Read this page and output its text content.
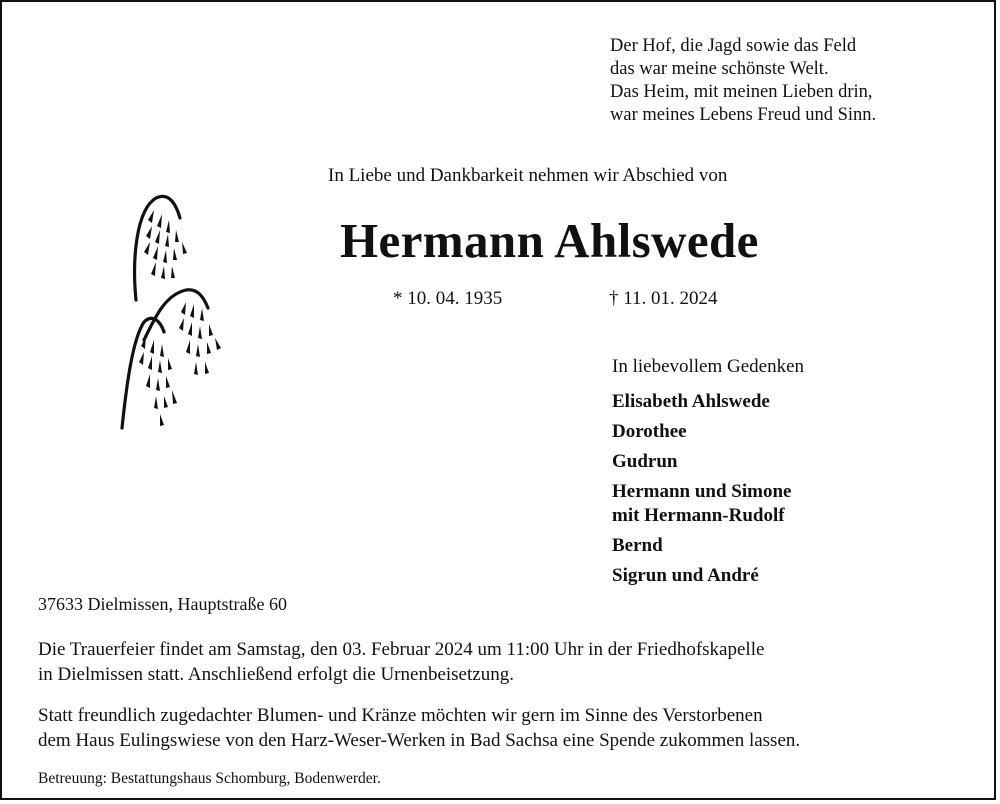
Der Hof, die Jagd sowie das Feld
das war meine schönste Welt.
Das Heim, mit meinen Lieben drin,
war meines Lebens Freud und Sinn.
In Liebe und Dankbarkeit nehmen wir Abschied von
Hermann Ahlswede
* 10. 04. 1935	† 11. 01. 2024
In liebevollem Gedenken
Elisabeth Ahlswede
Dorothee
Gudrun
Hermann und Simone
mit Hermann-Rudolf
Bernd
Sigrun und André
37633 Dielmissen, Hauptstraße 60
Die Trauerfeier findet am Samstag, den 03. Februar 2024 um 11:00 Uhr in der Friedhofskapelle
in Dielmissen statt. Anschließend erfolgt die Urnenbeisetzung.
Statt freundlich zugedachter Blumen- und Kränze möchten wir gern im Sinne des Verstorbenen
dem Haus Eulingswiese von den Harz-Weser-Werken in Bad Sachsa eine Spende zukommen lassen.
Betreuung: Bestattungshaus Schomburg, Bodenwerder.
